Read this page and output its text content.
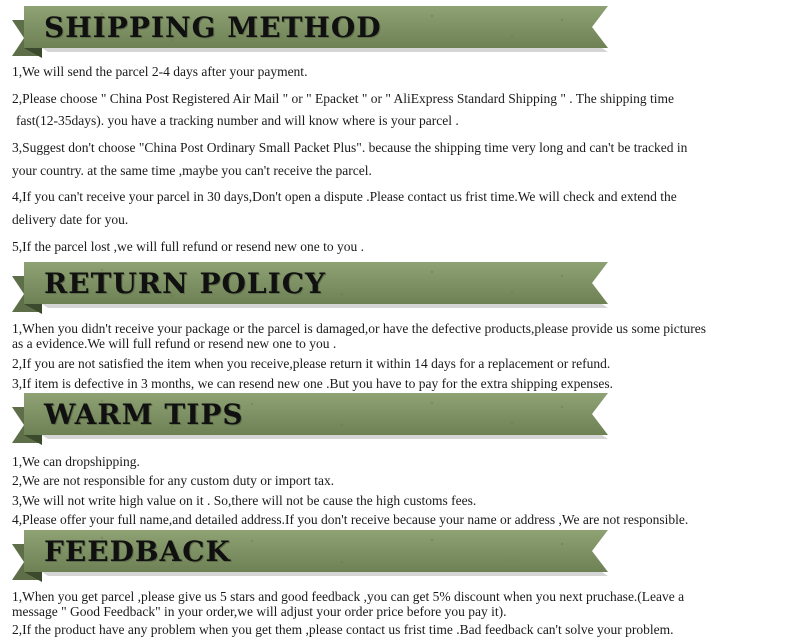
SHIPPING METHOD

1,We will send the parcel 2-4 days after your payment.

2,Please choose " China Post Registered Air Mail " or " Epacket " or " AliExpress Standard Shipping " . The shipping time

fast(12-35days). you have a tracking number and will know where is your parcel .

3,Suggest don't choose "China Post Ordinary Small Packet Plus". because the shipping time very long and can't be tracked in

your country. at the same time ,maybe you can't receive the parcel.

4,If you can't receive your parcel in 30 days,Don't open a dispute .Please contact us frist time.We will check and extend the

delivery date for you.

5,If the parcel lost ,we will full refund or resend new one to you .

RETURN POLICY

1,When you didn't receive your package or the parcel is damaged,or have the defective products,please provide us some pictures

as a evidence.We will full refund or resend new one to you .

2,If you are not satisfied the item when you receive,please return it within 14 days for a replacement or refund.

3,If item is defective in 3 months, we can resend new one .But you have to pay for the extra shipping expenses.

WARM TIPS

1,We can dropshipping.

2,We are not responsible for any custom duty or import tax.

3,We will not write high value on it . So,there will not be cause the high customs fees.

4,Please offer your full name,and detailed address.If you don't receive because your name or address ,We are not responsible.

FEEDBACK

1,When you get parcel ,please give us 5 stars and good feedback ,you can get 5% discount when you next pruchase.(Leave a

message " Good Feedback" in your order,we will adjust your order price before you pay it).

2,If the product have any problem when you get them ,please contact us frist time .Bad feedback can't solve your problem.
